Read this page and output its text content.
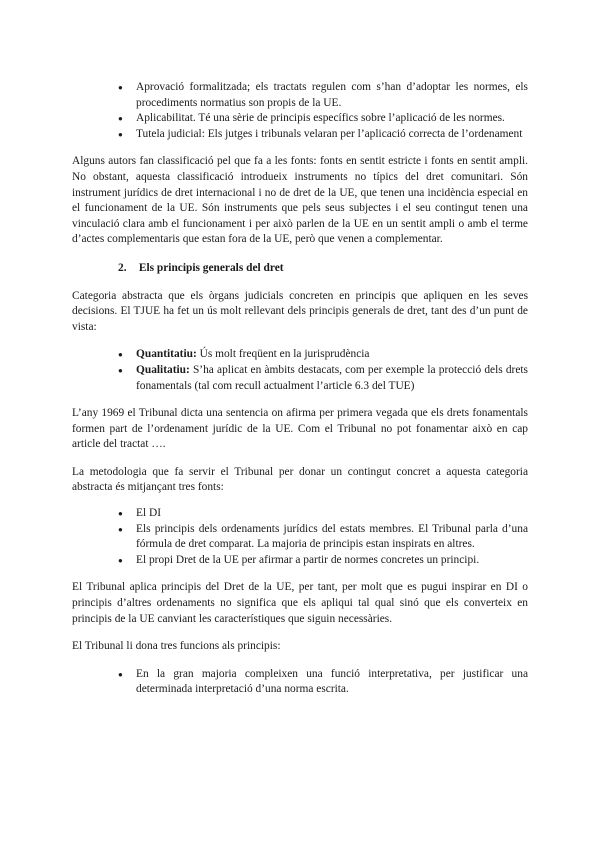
● Aprovació formalitzada; els tractats regulen com s’han d’adoptar les normes, els procediments normatius son propis de la UE.
● Aplicabilitat. Té una sèrie de principis específics sobre l’aplicació de les normes.
● Tutela judicial: Els jutges i tribunals velaran per l’aplicació correcta de l’ordenament

Alguns autors fan classificació pel que fa a les fonts: fonts en sentit estricte i fonts en sentit ampli. No obstant, aquesta classificació introdueix instruments no típics del dret comunitari. Són instrument jurídics de dret internacional i no de dret de la UE, que tenen una incidència especial en el funcionament de la UE. Són instruments que pels seus subjectes i el seu contingut tenen una vinculació clara amb el funcionament i per això parlen de la UE en un sentit ampli o amb el terme d’actes complementaris que estan fora de la UE, però que venen a complementar.

2. Els principis generals del dret

Categoria abstracta que els òrgans judicials concreten en principis que apliquen en les seves decisions. El TJUE ha fet un ús molt rellevant dels principis generals de dret, tant des d’un punt de vista:

● Quantitatiu: Ús molt freqüent en la jurisprudència
● Qualitatiu: S’ha aplicat en àmbits destacats, com per exemple la protecció dels drets fonamentals (tal com recull actualment l’article 6.3 del TUE)

L’any 1969 el Tribunal dicta una sentencia on afirma per primera vegada que els drets fonamentals formen part de l’ordenament jurídic de la UE. Com el Tribunal no pot fonamentar això en cap article del tractat ….

La metodologia que fa servir el Tribunal per donar un contingut concret a aquesta categoria abstracta és mitjançant tres fonts:

● El DI
● Els principis dels ordenaments jurídics del estats membres. El Tribunal parla d’una fórmula de dret comparat. La majoria de principis estan inspirats en altres.
● El propi Dret de la UE per afirmar a partir de normes concretes un principi.

El Tribunal aplica principis del Dret de la UE, per tant, per molt que es pugui inspirar en DI o principis d’altres ordenaments no significa que els apliqui tal qual sinó que els converteix en principis de la UE canviant les característiques que siguin necessàries.

El Tribunal li dona tres funcions als principis:

● En la gran majoria compleixen una funció interpretativa, per justificar una determinada interpretació d’una norma escrita.
